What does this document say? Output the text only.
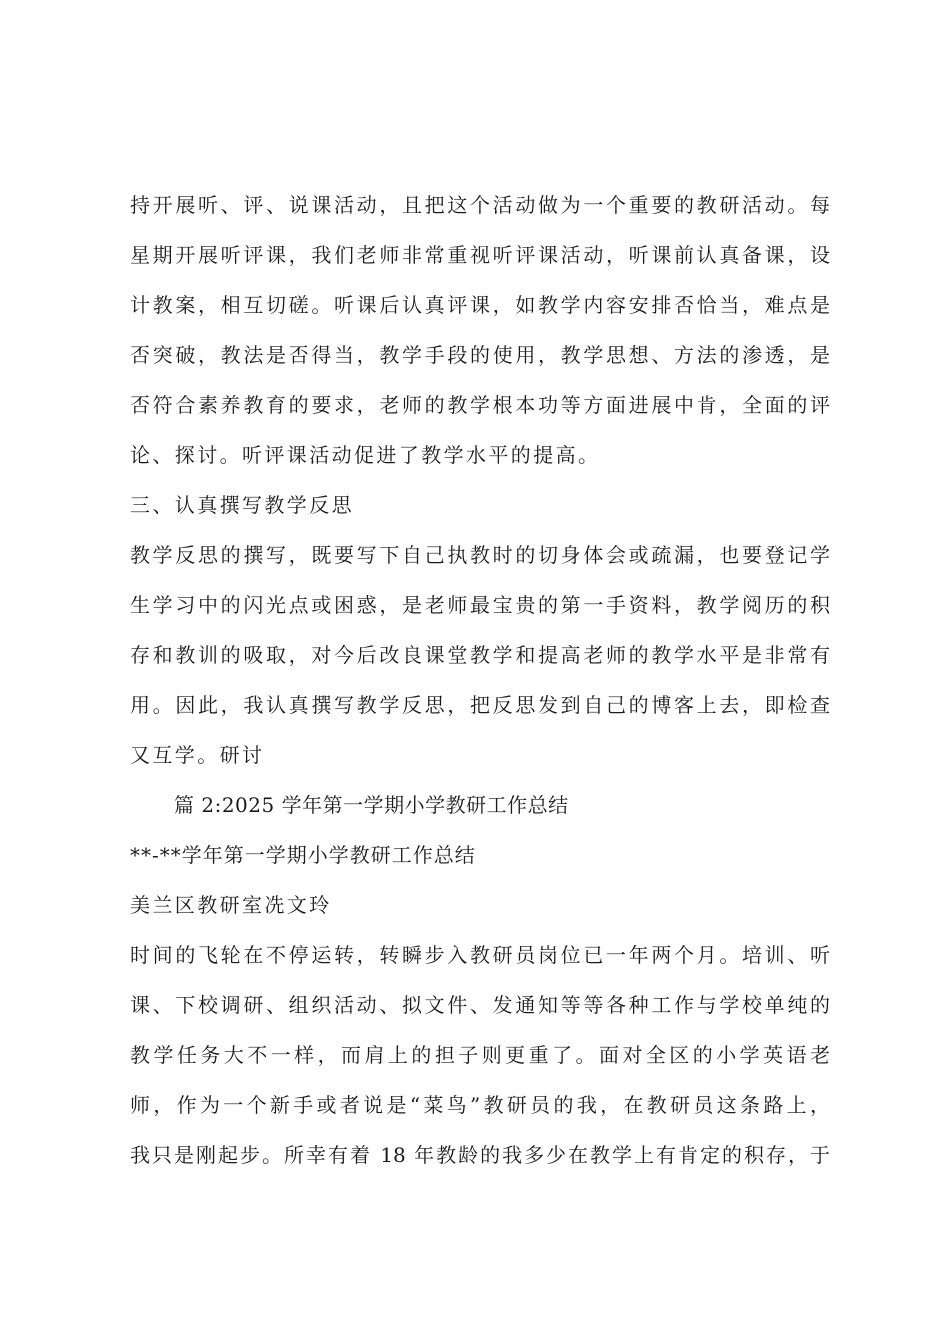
持开展听、评、说课活动，且把这个活动做为一个重要的教研活动。每
星期开展听评课，我们老师非常重视听评课活动，听课前认真备课，设
计教案，相互切磋。听课后认真评课，如教学内容安排否恰当，难点是
否突破，教法是否得当，教学手段的使用，教学思想、方法的渗透，是
否符合素养教育的要求，老师的教学根本功等方面进展中肯，全面的评
论、探讨。听评课活动促进了教学水平的提高。
三、认真撰写教学反思
教学反思的撰写，既要写下自己执教时的切身体会或疏漏，也要登记学
生学习中的闪光点或困惑，是老师最宝贵的第一手资料，教学阅历的积
存和教训的吸取，对今后改良课堂教学和提高老师的教学水平是非常有
用。因此，我认真撰写教学反思，把反思发到自己的博客上去，即检查
又互学。研讨
篇 2:2025 学年第一学期小学教研工作总结
**-**学年第一学期小学教研工作总结
美兰区教研室冼文玲
时间的飞轮在不停运转，转瞬步入教研员岗位已一年两个月。培训、听
课、下校调研、组织活动、拟文件、发通知等等各种工作与学校单纯的
教学任务大不一样，而肩上的担子则更重了。面对全区的小学英语老
师，作为一个新手或者说是“菜鸟”教研员的我，在教研员这条路上，
我只是刚起步。所幸有着 18 年教龄的我多少在教学上有肯定的积存，于
